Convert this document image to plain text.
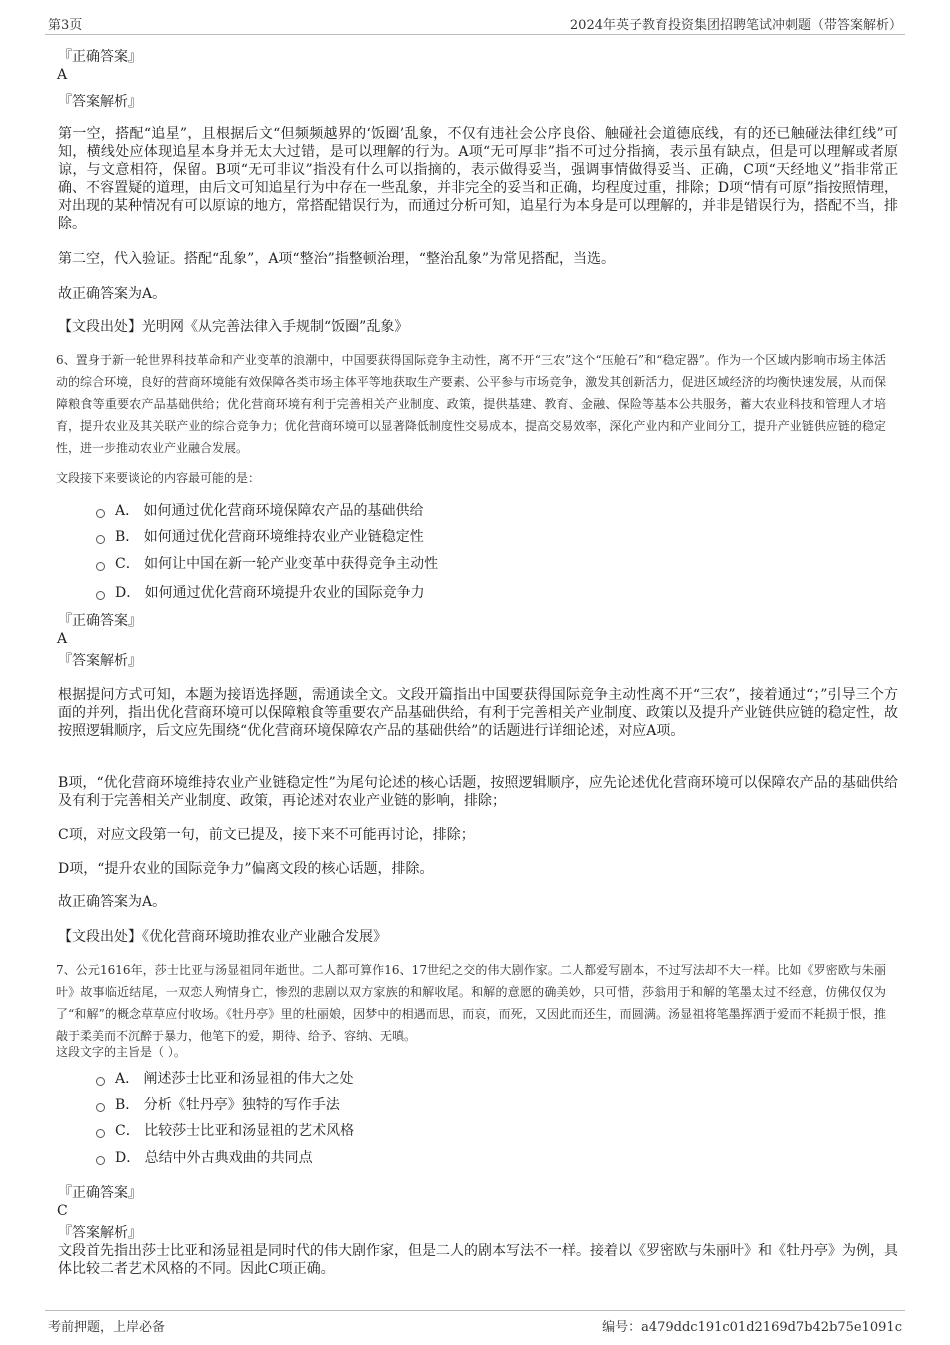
第3页	2024年英子教育投资集团招聘笔试冲刺题（带答案解析）
『正确答案』
A
『答案解析』

第一空，搭配“追星”，且根据后文“但频频越界的‘饭圈’乱象，不仅有违社会公序良俗、触碰社会道德底线，有的还已触碰法律红线”可知，横线处应体现追星本身并无太大过错，是可以理解的行为。A项“无可厚非”指不可过分指摘，表示虽有缺点，但是可以理解或者原谅，与文意相符，保留。B项“无可非议”指没有什么可以指摘的，表示做得妥当，强调事情做得妥当、正确，C项“天经地义”指非常正确、不容置疑的道理，由后文可知追星行为中存在一些乱象，并非完全的妥当和正确，均程度过重，排除；D项“情有可原”指按照情理，对出现的某种情况有可以原谅的地方，常搭配错误行为，而通过分析可知，追星行为本身是可以理解的，并非是错误行为，搭配不当，排除。

第二空，代入验证。搭配“乱象”，A项“整治”指整顿治理，“整治乱象”为常见搭配，当选。

故正确答案为A。

【文段出处】光明网《从完善法律入手规制“饭圈”乱象》

6、置身于新一轮世界科技革命和产业变革的浪潮中，中国要获得国际竞争主动性，离不开“三农”这个“压舱石”和“稳定器”。作为一个区域内影响市场主体活动的综合环境，良好的营商环境能有效保障各类市场主体平等地获取生产要素、公平参与市场竞争，激发其创新活力，促进区域经济的均衡快速发展，从而保障粮食等重要农产品基础供给；优化营商环境有利于完善相关产业制度、政策，提供基建、教育、金融、保险等基本公共服务，蓄大农业科技和管理人才培育，提升农业及其关联产业的综合竞争力；优化营商环境可以显著降低制度性交易成本，提高交易效率，深化产业内和产业间分工，提升产业链供应链的稳定性，进一步推动农业产业融合发展。

文段接下来要谈论的内容最可能的是：
A． 如何通过优化营商环境保障农产品的基础供给
B． 如何通过优化营商环境维持农业产业链稳定性
C． 如何让中国在新一轮产业变革中获得竞争主动性
D． 如何通过优化营商环境提升农业的国际竞争力
『正确答案』
A
『答案解析』

根据提问方式可知，本题为接语选择题，需通读全文。文段开篇指出中国要获得国际竞争主动性离不开“三农”，接着通过“；”引导三个方面的并列，指出优化营商环境可以保障粮食等重要农产品基础供给，有利于完善相关产业制度、政策以及提升产业链供应链的稳定性，故按照逻辑顺序，后文应先围绕“优化营商环境保障农产品的基础供给”的话题进行详细论述，对应A项。

B项，“优化营商环境维持农业产业链稳定性”为尾句论述的核心话题，按照逻辑顺序，应先论述优化营商环境可以保障农产品的基础供给及有利于完善相关产业制度、政策，再论述对农业产业链的影响，排除；

C项，对应文段第一句，前文已提及，接下来不可能再讨论，排除；

D项，“提升农业的国际竞争力”偏离文段的核心话题，排除。

故正确答案为A。

【文段出处】《优化营商环境助推农业产业融合发展》

7、公元1616年，莎士比亚与汤显祖同年逝世。二人都可算作16、17世纪之交的伟大剧作家。二人都爱写剧本，不过写法却不大一样。比如《罗密欧与朱丽叶》故事临近结尾，一双恋人殉情身亡，惨烈的悲剧以双方家族的和解收尾。和解的意愿的确美妙，只可惜，莎翁用于和解的笔墨太过不经意，仿佛仅仅为了“和解”的概念草草应付收场。《牡丹亭》里的杜丽娘，因梦中的相遇而思，而哀，而死，又因此而还生，而圆满。汤显祖将笔墨挥洒于爱而不耗损于恨，推敲于柔美而不沉醉于暴力，他笔下的爱，期待、给予、容纳、无嗔。

这段文字的主旨是（ ）。
A． 阐述莎士比亚和汤显祖的伟大之处
B． 分析《牡丹亭》独特的写作手法
C． 比较莎士比亚和汤显祖的艺术风格
D． 总结中外古典戏曲的共同点
『正确答案』
C
『答案解析』

文段首先指出莎士比亚和汤显祖是同时代的伟大剧作家，但是二人的剧本写法不一样。接着以《罗密欧与朱丽叶》和《牡丹亭》为例，具体比较二者艺术风格的不同。因此C项正确。

考前押题，上岸必备	编号：a479ddc191c01d2169d7b42b75e1091c
